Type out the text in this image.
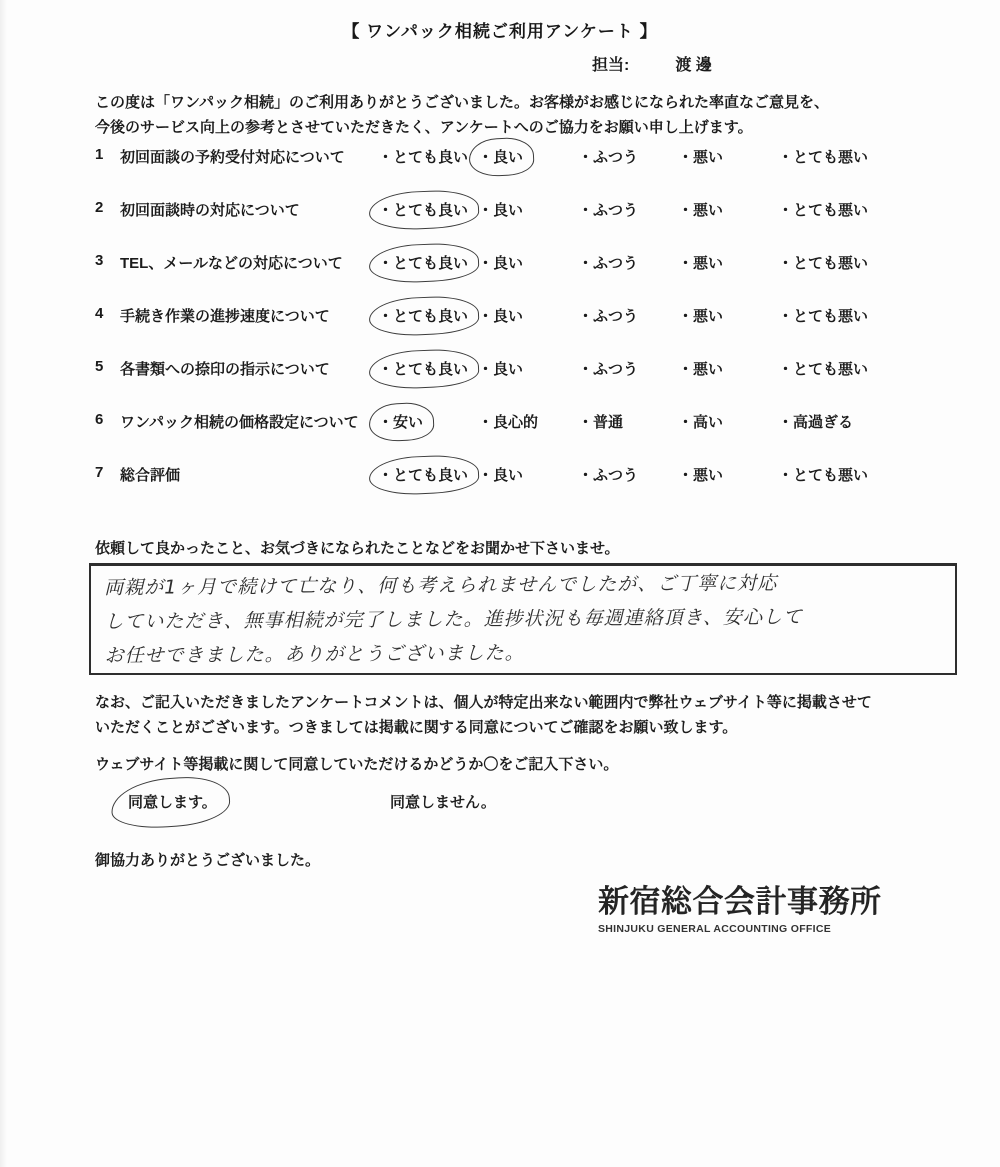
【 ワンパック相続ご利用アンケート 】
担当:	渡 邊
この度は「ワンパック相続」のご利用ありがとうございました。お客様がお感じになられた率直なご意見を、
今後のサービス向上の参考とさせていただきたく、アンケートへのご協力をお願い申し上げます。
1	初回面談の予約受付対応について	・とても良い ・良い	・ふつう	・悪い	・とても悪い
2	初回面談時の対応について	・とても良い ・良い	・ふつう	・悪い	・とても悪い
3	TEL、メールなどの対応について	・とても良い ・良い	・ふつう	・悪い	・とても悪い
4	手続き作業の進捗速度について	・とても良い ・良い	・ふつう	・悪い	・とても悪い
5	各書類への捺印の指示について	・とても良い ・良い	・ふつう	・悪い	・とても悪い
6	ワンパック相続の価格設定について	・安い	・良心的	・普通	・高い	・高過ぎる
7	総合評価	・とても良い ・良い	・ふつう	・悪い	・とても悪い
依頼して良かったこと、お気づきになられたことなどをお聞かせ下さいませ。
両親が1ヶ月で続けて亡なり、何も考えられませんでしたが、ご丁寧に対応
していただき、無事相続が完了しました。進捗状況も毎週連絡頂き、安心して
お任せできました。ありがとうございました。
なお、ご記入いただきましたアンケートコメントは、個人が特定出来ない範囲内で弊社ウェブサイト等に掲載させて
いただくことがございます。つきましては掲載に関する同意についてご確認をお願い致します。
ウェブサイト等掲載に関して同意していただけるかどうか〇をご記入下さい。
同意します。	同意しません。
御協力ありがとうございました。
新宿総合会計事務所
SHINJUKU GENERAL ACCOUNTING OFFICE
